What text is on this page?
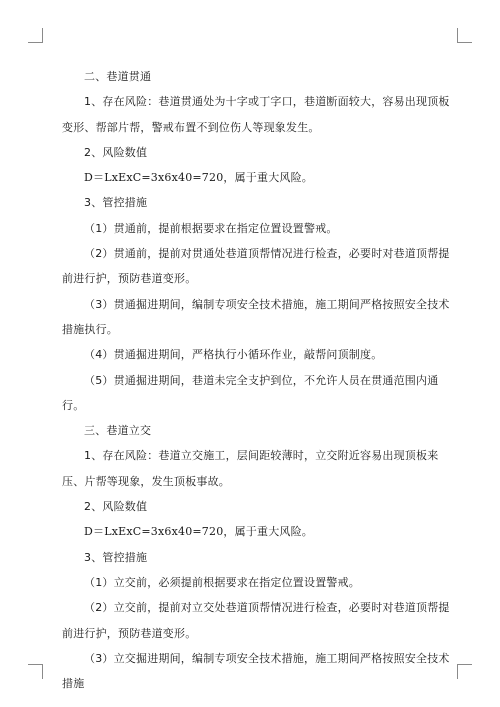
二、巷道贯通

1、存在风险：巷道贯通处为十字或丁字口，巷道断面较大，容易出现顶板变形、帮部片帮，警戒布置不到位伤人等现象发生。

2、风险数值

D＝LxExC=3x6x40=720，属于重大风险。

3、管控措施

（1）贯通前，提前根据要求在指定位置设置警戒。

（2）贯通前，提前对贯通处巷道顶帮情况进行检查，必要时对巷道顶帮提前进行护，预防巷道变形。

（3）贯通掘进期间，编制专项安全技术措施，施工期间严格按照安全技术措施执行。

（4）贯通掘进期间，严格执行小循环作业，敲帮问顶制度。

（5）贯通掘进期间，巷道未完全支护到位，不允许人员在贯通范围内通行。

三、巷道立交

1、存在风险：巷道立交施工，层间距较薄时，立交附近容易出现顶板来压、片帮等现象，发生顶板事故。

2、风险数值

D＝LxExC=3x6x40=720，属于重大风险。

3、管控措施

（1）立交前，必须提前根据要求在指定位置设置警戒。

（2）立交前，提前对立交处巷道顶帮情况进行检查，必要时对巷道顶帮提前进行护，预防巷道变形。

（3）立交掘进期间，编制专项安全技术措施，施工期间严格按照安全技术措施
